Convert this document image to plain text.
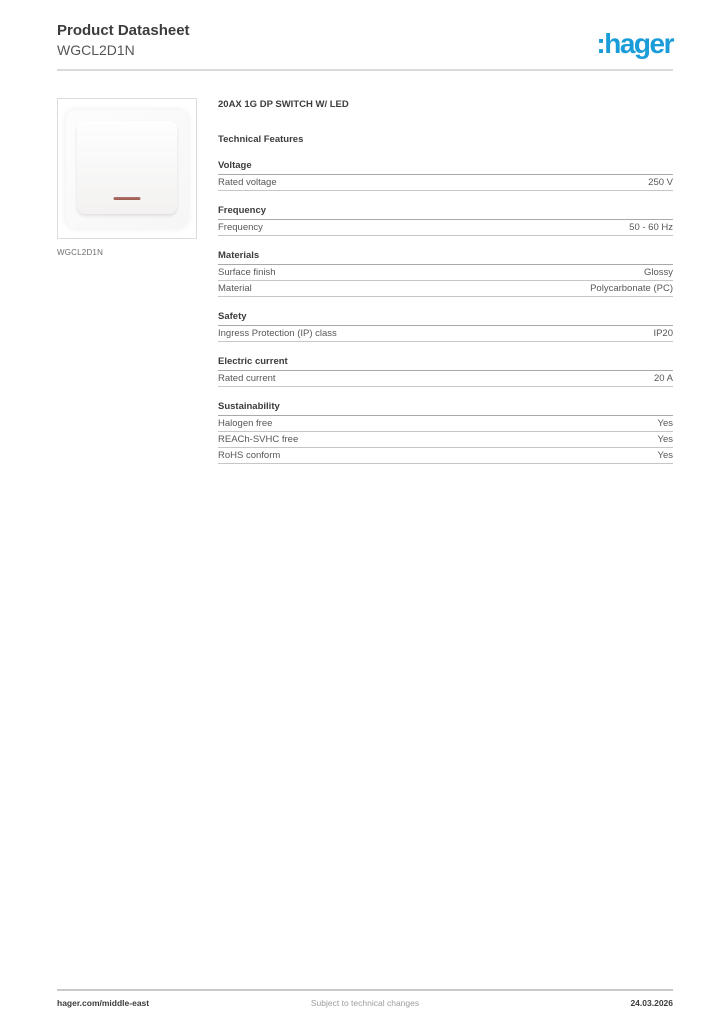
Product Datasheet
WGCL2D1N	:hager
WGCL2D1N
20AX 1G DP SWITCH W/ LED
Technical Features
Voltage
Rated voltage	250 V
Frequency
Frequency	50 - 60 Hz
Materials
Surface finish	Glossy
Material	Polycarbonate (PC)
Safety
Ingress Protection (IP) class	IP20
Electric current
Rated current	20 A
Sustainability
Halogen free	Yes
REACh-SVHC free	Yes
RoHS conform	Yes
hager.com/middle-east	Subject to technical changes	24.03.2026
